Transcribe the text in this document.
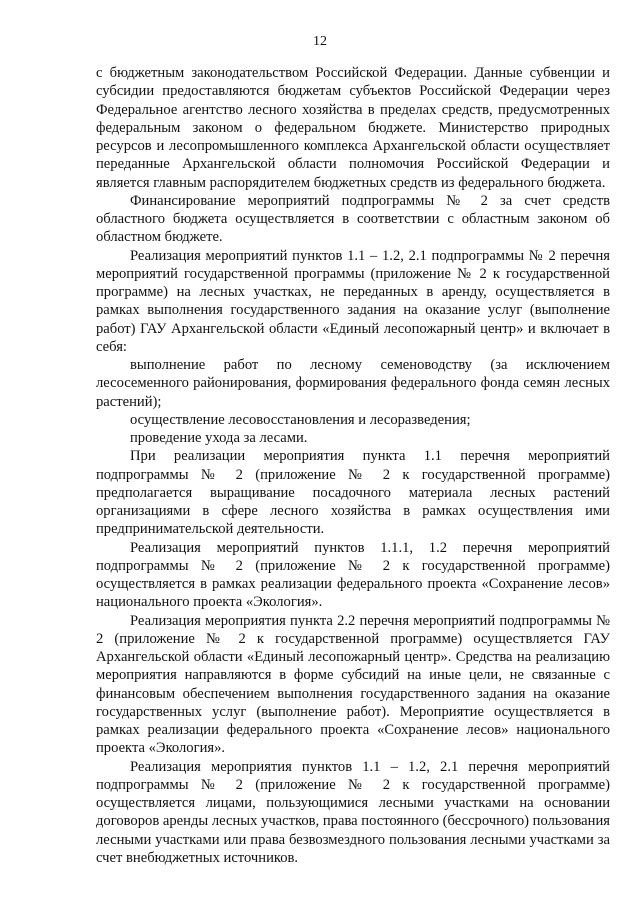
12

с бюджетным законодательством Российской Федерации. Данные субвенции и субсидии предоставляются бюджетам субъектов Российской Федерации через Федеральное агентство лесного хозяйства в пределах средств, предусмотренных федеральным законом о федеральном бюджете. Министерство природных ресурсов и лесопромышленного комплекса Архангельской области осуществляет переданные Архангельской области полномочия Российской Федерации и является главным распорядителем бюджетных средств из федерального бюджета.

Финансирование мероприятий подпрограммы № 2 за счет средств областного бюджета осуществляется в соответствии с областным законом об областном бюджете.

Реализация мероприятий пунктов 1.1 – 1.2, 2.1 подпрограммы № 2 перечня мероприятий государственной программы (приложение № 2 к государственной программе) на лесных участках, не переданных в аренду, осуществляется в рамках выполнения государственного задания на оказание услуг (выполнение работ) ГАУ Архангельской области «Единый лесопожарный центр» и включает в себя:

выполнение работ по лесному семеноводству (за исключением лесосеменного районирования, формирования федерального фонда семян лесных растений);

осуществление лесовосстановления и лесоразведения;

проведение ухода за лесами.

При реализации мероприятия пункта 1.1 перечня мероприятий подпрограммы № 2 (приложение № 2 к государственной программе) предполагается выращивание посадочного материала лесных растений организациями в сфере лесного хозяйства в рамках осуществления ими предпринимательской деятельности.

Реализация мероприятий пунктов 1.1.1, 1.2 перечня мероприятий подпрограммы № 2 (приложение № 2 к государственной программе) осуществляется в рамках реализации федерального проекта «Сохранение лесов» национального проекта «Экология».

Реализация мероприятия пункта 2.2 перечня мероприятий подпрограммы № 2 (приложение № 2 к государственной программе) осуществляется ГАУ Архангельской области «Единый лесопожарный центр». Средства на реализацию мероприятия направляются в форме субсидий на иные цели, не связанные с финансовым обеспечением выполнения государственного задания на оказание государственных услуг (выполнение работ). Мероприятие осуществляется в рамках реализации федерального проекта «Сохранение лесов» национального проекта «Экология».

Реализация мероприятия пунктов 1.1 – 1.2, 2.1 перечня мероприятий подпрограммы № 2 (приложение № 2 к государственной программе) осуществляется лицами, пользующимися лесными участками на основании договоров аренды лесных участков, права постоянного (бессрочного) пользования лесными участками или права безвозмездного пользования лесными участками за счет внебюджетных источников.
